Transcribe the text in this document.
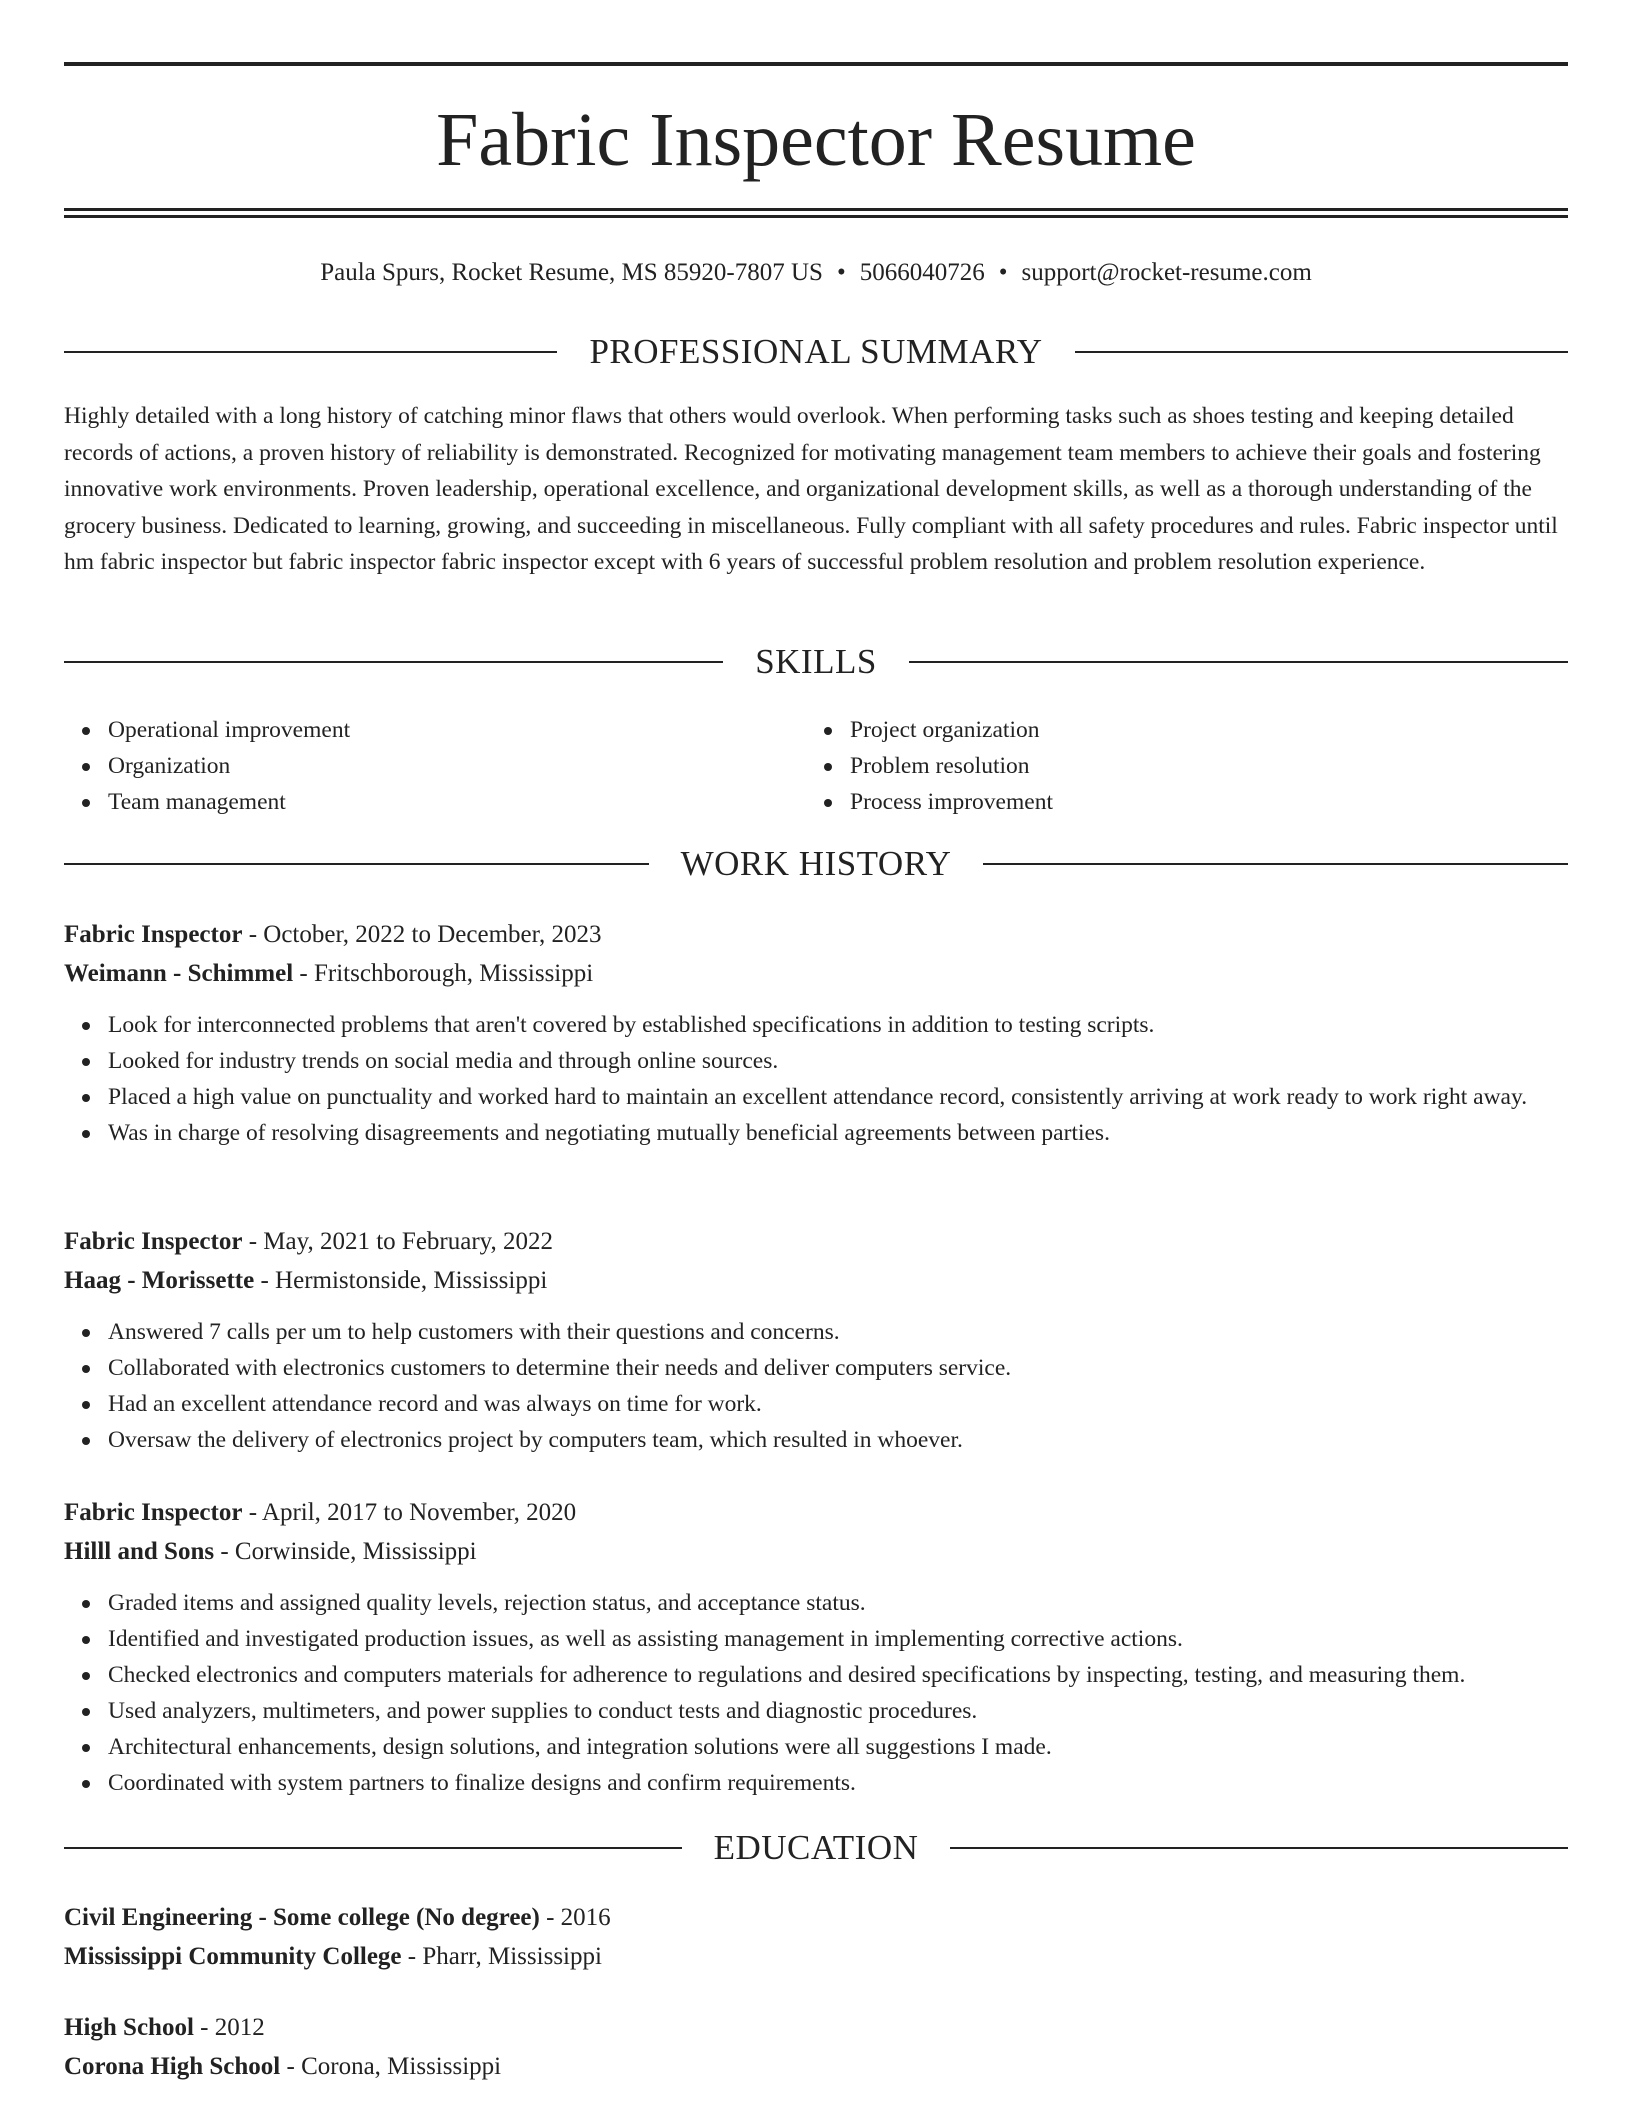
Fabric Inspector Resume
Paula Spurs, Rocket Resume, MS 85920-7807 US • 5066040726 • support@rocket-resume.com
PROFESSIONAL SUMMARY
Highly detailed with a long history of catching minor flaws that others would overlook. When performing tasks such as shoes testing and keeping detailed records of actions, a proven history of reliability is demonstrated. Recognized for motivating management team members to achieve their goals and fostering innovative work environments. Proven leadership, operational excellence, and organizational development skills, as well as a thorough understanding of the grocery business. Dedicated to learning, growing, and succeeding in miscellaneous. Fully compliant with all safety procedures and rules. Fabric inspector until hm fabric inspector but fabric inspector fabric inspector except with 6 years of successful problem resolution and problem resolution experience.
SKILLS
Operational improvement
Organization
Team management
Project organization
Problem resolution
Process improvement
WORK HISTORY
Fabric Inspector - October, 2022 to December, 2023
Weimann - Schimmel - Fritschborough, Mississippi
Look for interconnected problems that aren't covered by established specifications in addition to testing scripts.
Looked for industry trends on social media and through online sources.
Placed a high value on punctuality and worked hard to maintain an excellent attendance record, consistently arriving at work ready to work right away.
Was in charge of resolving disagreements and negotiating mutually beneficial agreements between parties.
Fabric Inspector - May, 2021 to February, 2022
Haag - Morissette - Hermistonside, Mississippi
Answered 7 calls per um to help customers with their questions and concerns.
Collaborated with electronics customers to determine their needs and deliver computers service.
Had an excellent attendance record and was always on time for work.
Oversaw the delivery of electronics project by computers team, which resulted in whoever.
Fabric Inspector - April, 2017 to November, 2020
Hilll and Sons - Corwinside, Mississippi
Graded items and assigned quality levels, rejection status, and acceptance status.
Identified and investigated production issues, as well as assisting management in implementing corrective actions.
Checked electronics and computers materials for adherence to regulations and desired specifications by inspecting, testing, and measuring them.
Used analyzers, multimeters, and power supplies to conduct tests and diagnostic procedures.
Architectural enhancements, design solutions, and integration solutions were all suggestions I made.
Coordinated with system partners to finalize designs and confirm requirements.
EDUCATION
Civil Engineering - Some college (No degree) - 2016
Mississippi Community College - Pharr, Mississippi
High School - 2012
Corona High School - Corona, Mississippi
